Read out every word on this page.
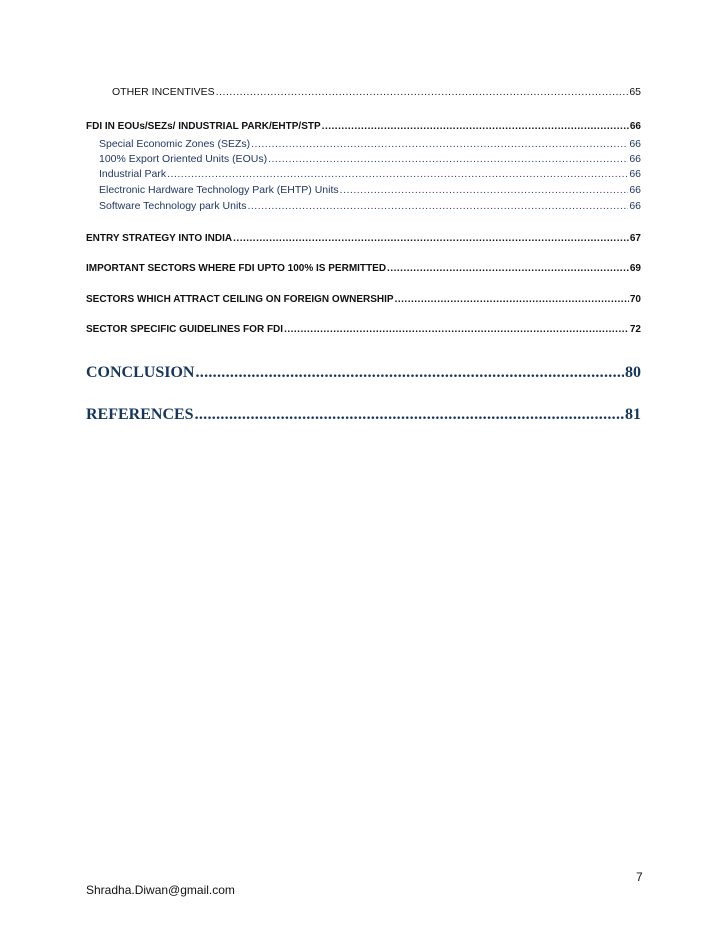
OTHER INCENTIVES .....	65
FDI IN EOUs/SEZs/ INDUSTRIAL PARK/EHTP/STP .....	66
Special Economic Zones (SEZs) .....	66
100% Export Oriented Units (EOUs) .....	66
Industrial Park .....	66
Electronic Hardware Technology Park (EHTP) Units .....	66
Software Technology park Units .....	66
ENTRY STRATEGY INTO INDIA .....	67
IMPORTANT SECTORS WHERE FDI UPTO 100% IS PERMITTED .....	69
SECTORS WHICH ATTRACT CEILING ON FOREIGN OWNERSHIP .....	70
SECTOR SPECIFIC GUIDELINES FOR FDI .....	72
CONCLUSION .....	80
REFERENCES .....	81
7
Shradha.Diwan@gmail.com
